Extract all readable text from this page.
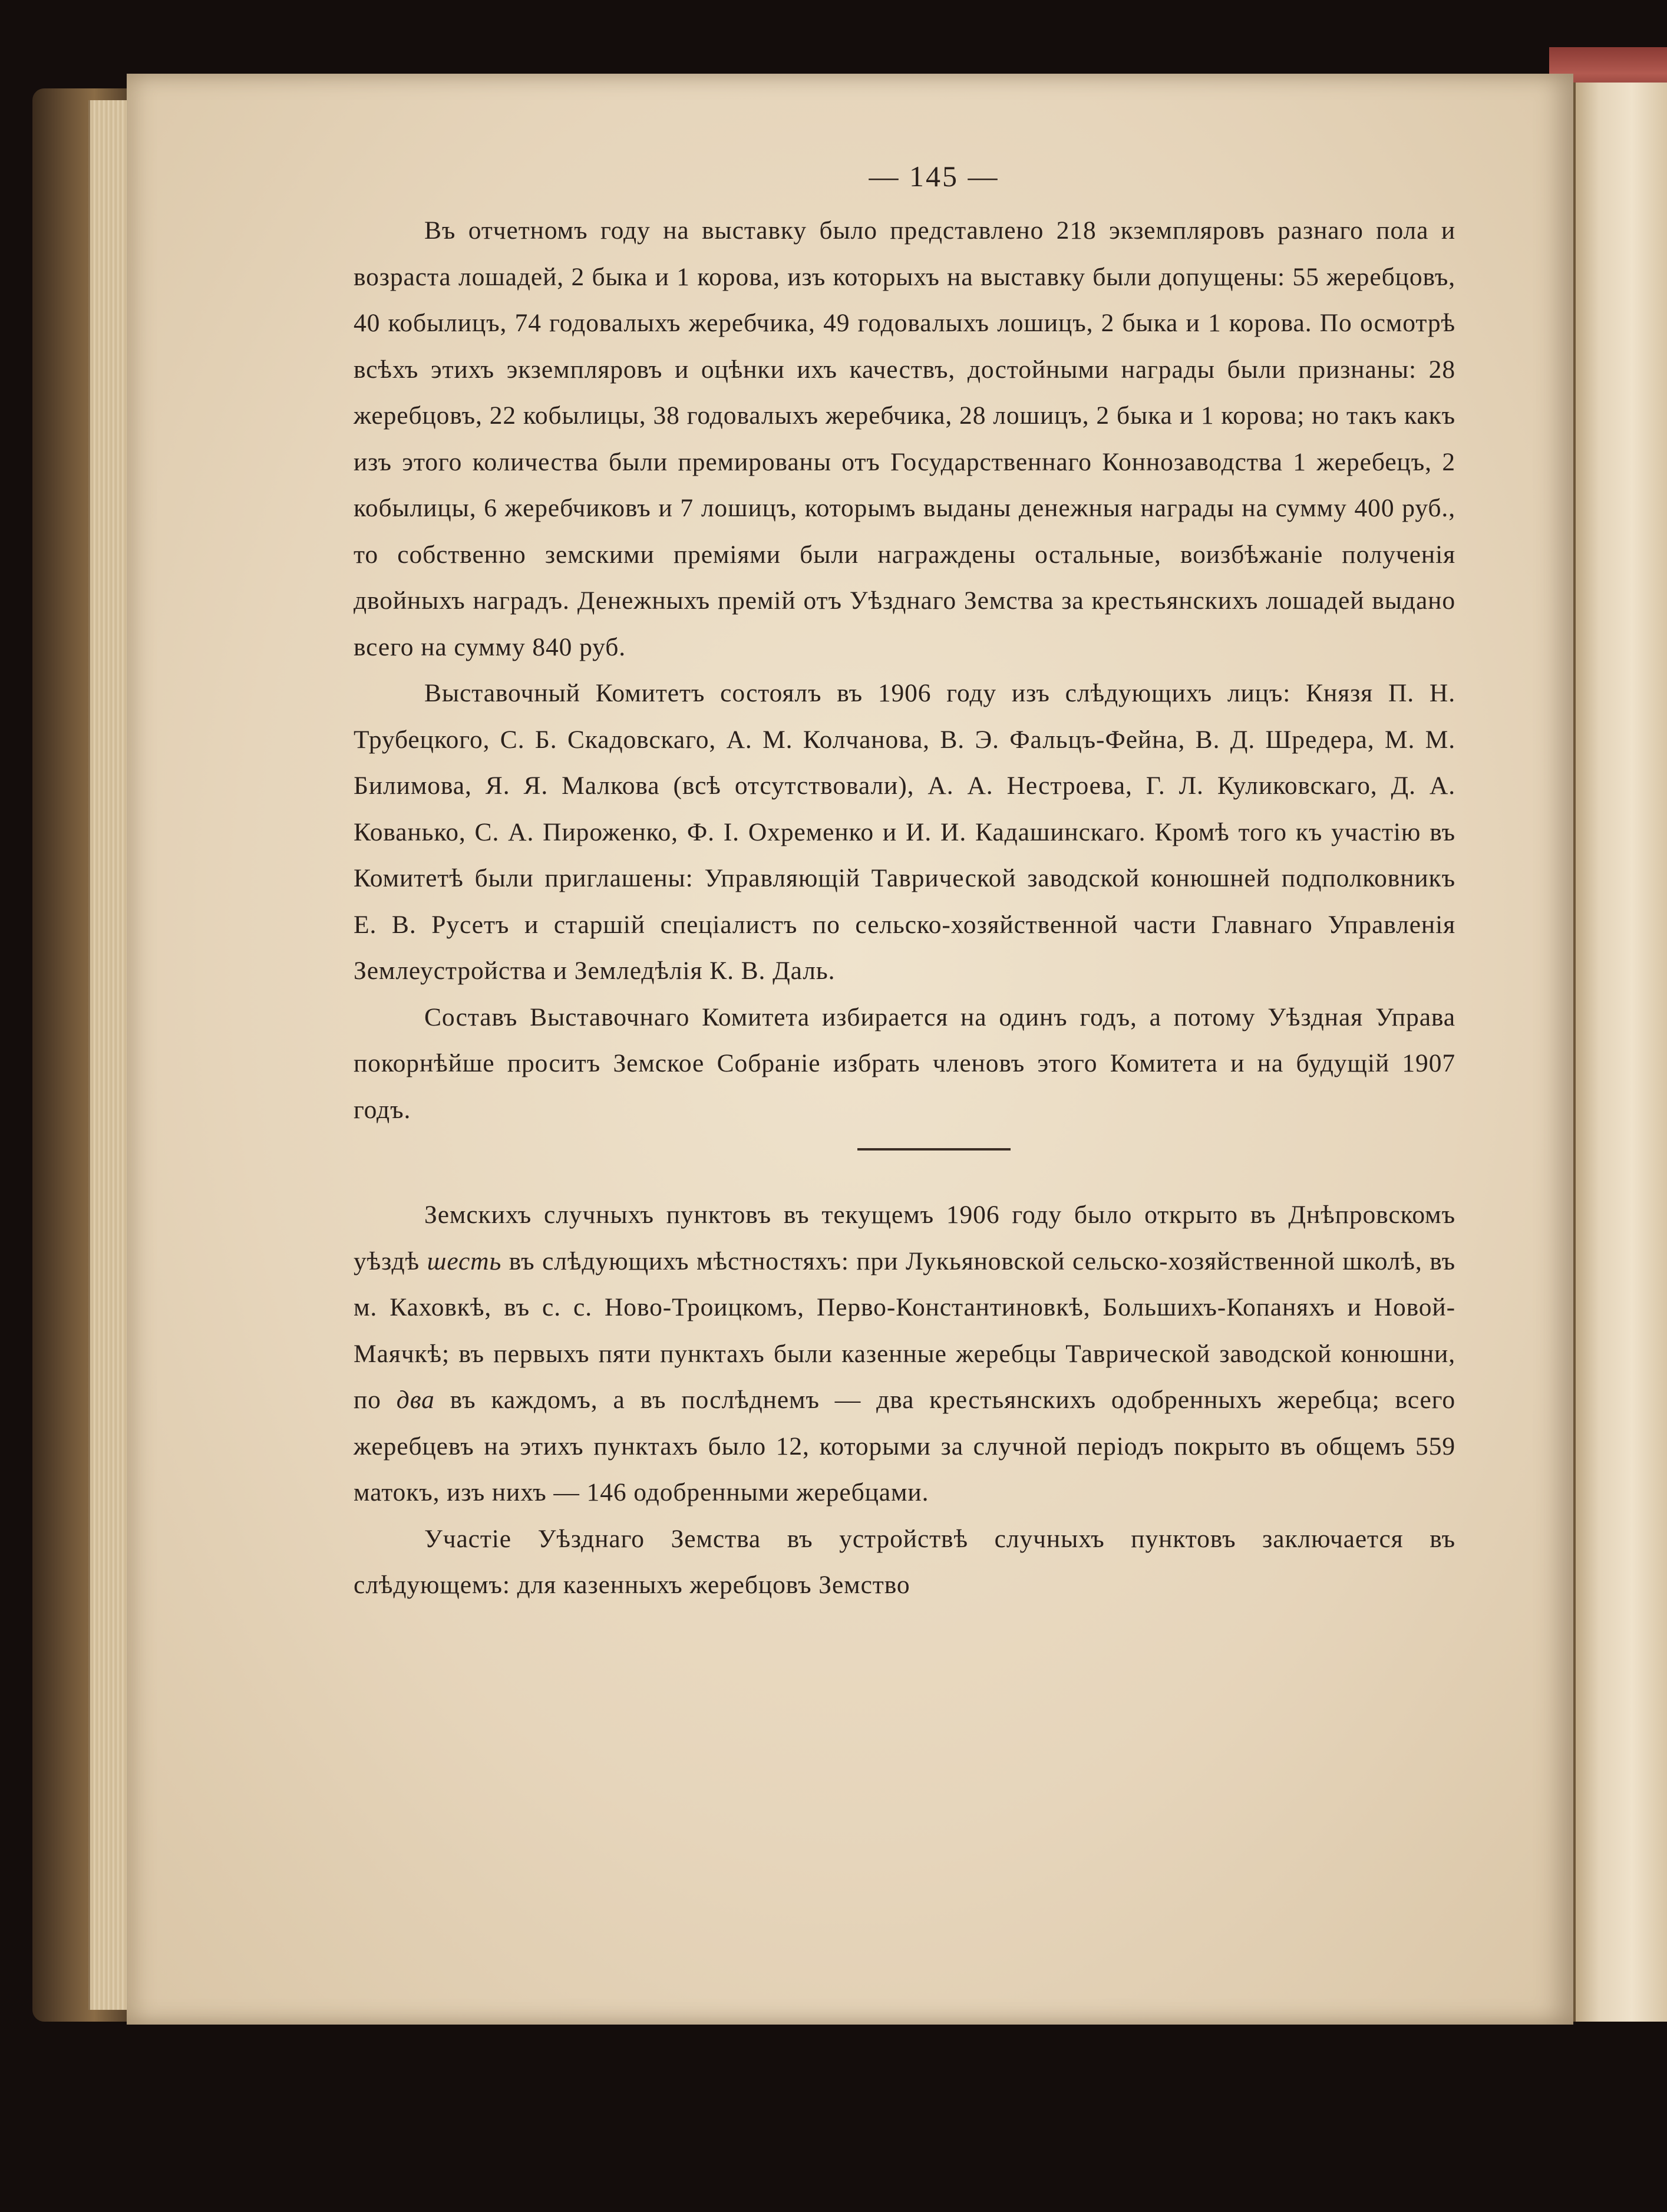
— 145 —

Въ отчетномъ году на выставку было представлено 218 экземпляровъ разнаго пола и возраста лошадей, 2 быка и 1 корова, изъ которыхъ на выставку были допущены: 55 жеребцовъ, 40 кобылицъ, 74 годовалыхъ жеребчика, 49 годовалыхъ лошицъ, 2 быка и 1 корова. По осмотрѣ всѣхъ этихъ экземпляровъ и оцѣнки ихъ качествъ, достойными награды были признаны: 28 жеребцовъ, 22 кобылицы, 38 годовалыхъ жеребчика, 28 лошицъ, 2 быка и 1 корова; но такъ какъ изъ этого количества были премированы отъ Государственнаго Коннозаводства 1 жеребецъ, 2 кобылицы, 6 жеребчиковъ и 7 лошицъ, которымъ выданы денежныя награды на сумму 400 руб., то собственно земскими преміями были награждены остальные, воизбѣжаніе полученія двойныхъ наградъ. Денежныхъ премій отъ Уѣзднаго Земства за крестьянскихъ лошадей выдано всего на сумму 840 руб.

Выставочный Комитетъ состоялъ въ 1906 году изъ слѣдующихъ лицъ: Князя П. Н. Трубецкого, С. Б. Скадовскаго, А. М. Колчанова, В. Э. Фальцъ-Фейна, В. Д. Шредера, М. М. Билимова, Я. Я. Малкова (всѣ отсутствовали), А. А. Нестроева, Г. Л. Куликовскаго, Д. А. Кованько, С. А. Пироженко, Ф. І. Охременко и И. И. Кадашинскаго. Кромѣ того къ участію въ Комитетѣ были приглашены: Управляющій Таврической заводской конюшней подполковникъ Е. В. Русетъ и старшій спеціалистъ по сельско-хозяйственной части Главнаго Управленія Землеустройства и Земледѣлія К. В. Даль.

Составъ Выставочнаго Комитета избирается на одинъ годъ, а потому Уѣздная Управа покорнѣйше проситъ Земское Собраніе избрать членовъ этого Комитета и на будущій 1907 годъ.

Земскихъ случныхъ пунктовъ въ текущемъ 1906 году было открыто въ Днѣпровскомъ уѣздѣ шесть въ слѣдующихъ мѣстностяхъ: при Лукьяновской сельско-хозяйственной школѣ, въ м. Каховкѣ, въ с. с. Ново-Троицкомъ, Перво-Константиновкѣ, Большихъ-Копаняхъ и Новой-Маячкѣ; въ первыхъ пяти пунктахъ были казенные жеребцы Таврической заводской конюшни, по два въ каждомъ, а въ послѣднемъ — два крестьянскихъ одобренныхъ жеребца; всего жеребцевъ на этихъ пунктахъ было 12, которыми за случной періодъ покрыто въ общемъ 559 матокъ, изъ нихъ — 146 одобренными жеребцами.

Участіе Уѣзднаго Земства въ устройствѣ случныхъ пунктовъ заключается въ слѣдующемъ: для казенныхъ жеребцовъ Земство
